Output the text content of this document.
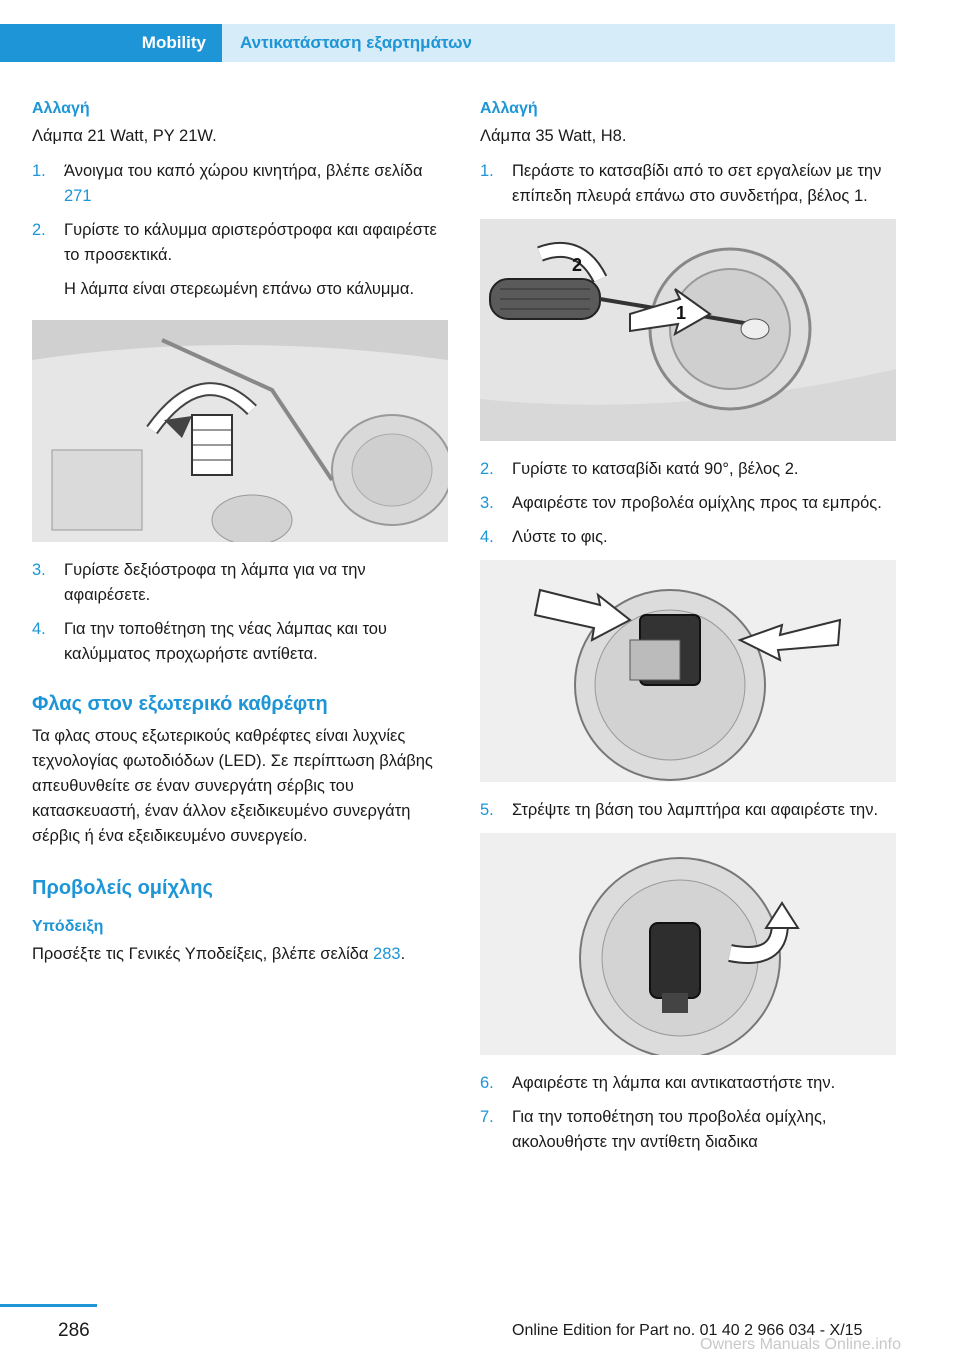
Mobility	Αντικατάσταση εξαρτημάτων
Αλλαγή

Λάμπα 21 Watt, PY 21W.

1. Άνοιγμα του καπό χώρου κινητήρα, βλέπε σελίδα 271
2. Γυρίστε το κάλυμμα αριστερόστροφα και αφαιρέστε το προσεκτικά.

Η λάμπα είναι στερεωμένη επάνω στο κάλυμμα.

3. Γυρίστε δεξιόστροφα τη λάμπα για να την αφαιρέσετε.
4. Για την τοποθέτηση της νέας λάμπας και του καλύμματος προχωρήστε αντίθετα.
Φλας στον εξωτερικό καθρέφτη

Τα φλας στους εξωτερικούς καθρέφτες είναι λυχνίες τεχνολογίας φωτοδιόδων (LED). Σε περίπτωση βλάβης απευθυνθείτε σε έναν συνεργάτη σέρβις του κατασκευαστή, έναν άλλον εξειδικευμένο συνεργάτη σέρβις ή ένα εξειδικευμένο συνεργείο.

Προβολείς ομίχλης
Υπόδειξη

Προσέξτε τις Γενικές Υποδείξεις, βλέπε σελίδα 283.

Αλλαγή

Λάμπα 35 Watt, H8.

1. Περάστε το κατσαβίδι από το σετ εργαλείων με την επίπεδη πλευρά επάνω στο συνδετήρα, βέλος 1.
1
2
2. Γυρίστε το κατσαβίδι κατά 90°, βέλος 2.
3. Αφαιρέστε τον προβολέα ομίχλης προς τα εμπρός.
4. Λύστε το φις.
5. Στρέψτε τη βάση του λαμπτήρα και αφαιρέστε την.
6. Αφαιρέστε τη λάμπα και αντικαταστήστε την.
7. Για την τοποθέτηση του προβολέα ομίχλης, ακολουθήστε την αντίθετη διαδικα
286	Online Edition for Part no. 01 40 2 966 034 - X/15
Owners Manuals Online.info
